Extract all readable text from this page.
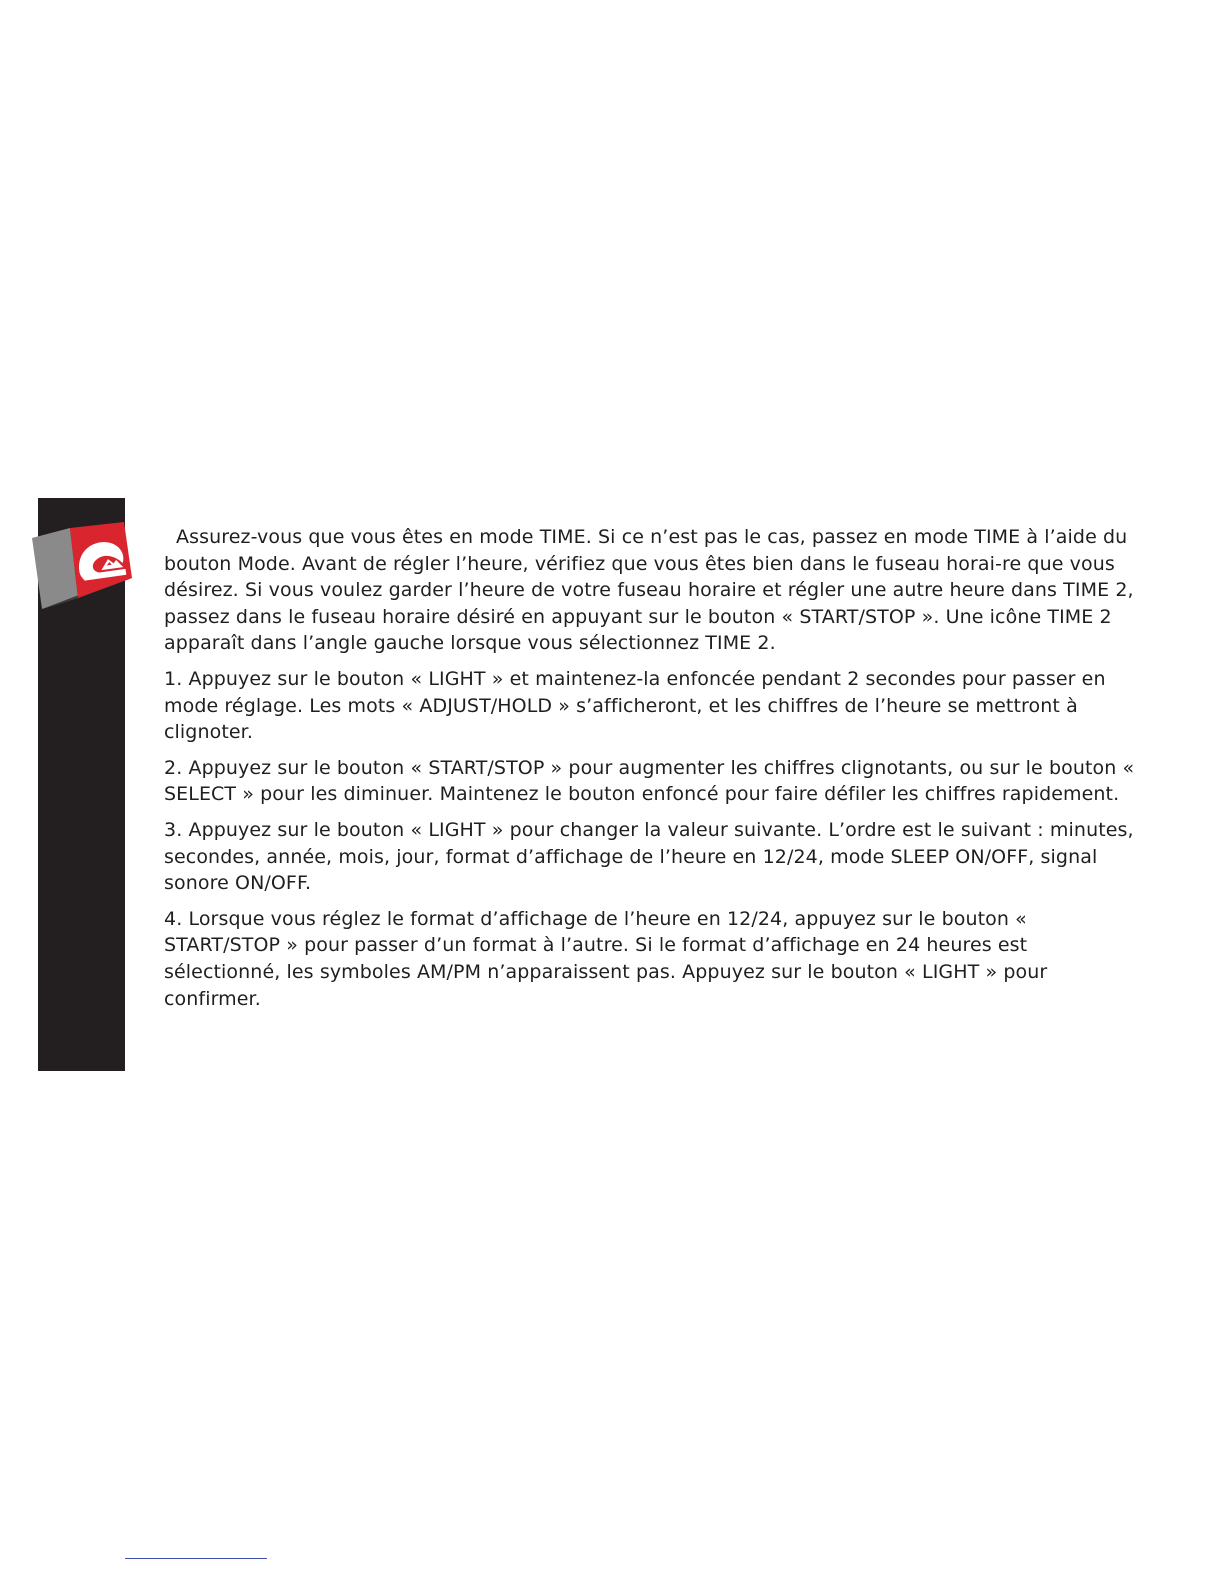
Assurez-vous que vous êtes en mode TIME. Si ce n’est pas le cas, passez en mode TIME à l’aide du bouton Mode. Avant de régler l’heure, vérifiez que vous êtes bien dans le fuseau horai-re que vous désirez. Si vous voulez garder l’heure de votre fuseau horaire et régler une autre heure dans TIME 2, passez dans le fuseau horaire désiré en appuyant sur le bouton « START/STOP ». Une icône TIME 2 apparaît dans l’angle gauche lorsque vous sélectionnez TIME 2.

1. Appuyez sur le bouton « LIGHT » et maintenez-la enfoncée pendant 2 secondes pour passer en mode réglage. Les mots « ADJUST/HOLD » s’afficheront, et les chiffres de l’heure se mettront à clignoter.

2. Appuyez sur le bouton « START/STOP » pour augmenter les chiffres clignotants, ou sur le bouton « SELECT » pour les diminuer. Maintenez le bouton enfoncé pour faire défiler les chiffres rapidement.

3. Appuyez sur le bouton « LIGHT » pour changer la valeur suivante. L’ordre est le suivant : minutes, secondes, année, mois, jour, format d’affichage de l’heure en 12/24, mode SLEEP ON/OFF, signal sonore ON/OFF.

4. Lorsque vous réglez le format d’affichage de l’heure en 12/24, appuyez sur le bouton « START/STOP » pour passer d’un format à l’autre. Si le format d’affichage en 24 heures est sélectionné, les symboles AM/PM n’apparaissent pas. Appuyez sur le bouton « LIGHT » pour confirmer.
